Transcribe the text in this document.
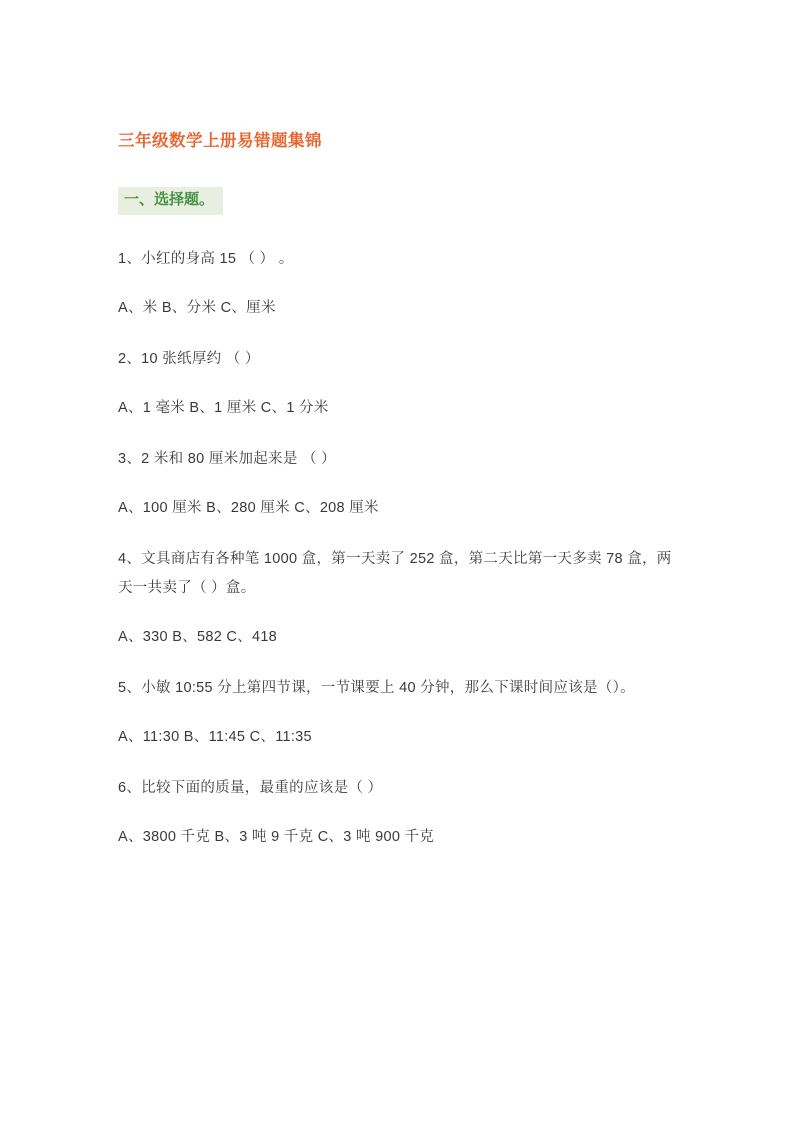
三年级数学上册易错题集锦
一、选择题。
1、小红的身高 15 （ ） 。
A、米 B、分米 C、厘米
2、10 张纸厚约 （ ）
A、1 毫米 B、1 厘米 C、1 分米
3、2 米和 80 厘米加起来是 （ ）
A、100 厘米 B、280 厘米 C、208 厘米
4、文具商店有各种笔 1000 盒，第一天卖了 252 盒，第二天比第一天多卖 78 盒，两天一共卖了（ ）盒。
A、330 B、582 C、418
5、小敏 10:55 分上第四节课，一节课要上 40 分钟，那么下课时间应该是（）。
A、11:30 B、11:45 C、11:35
6、比较下面的质量，最重的应该是（ ）
A、3800 千克 B、3 吨 9 千克 C、3 吨 900 千克
